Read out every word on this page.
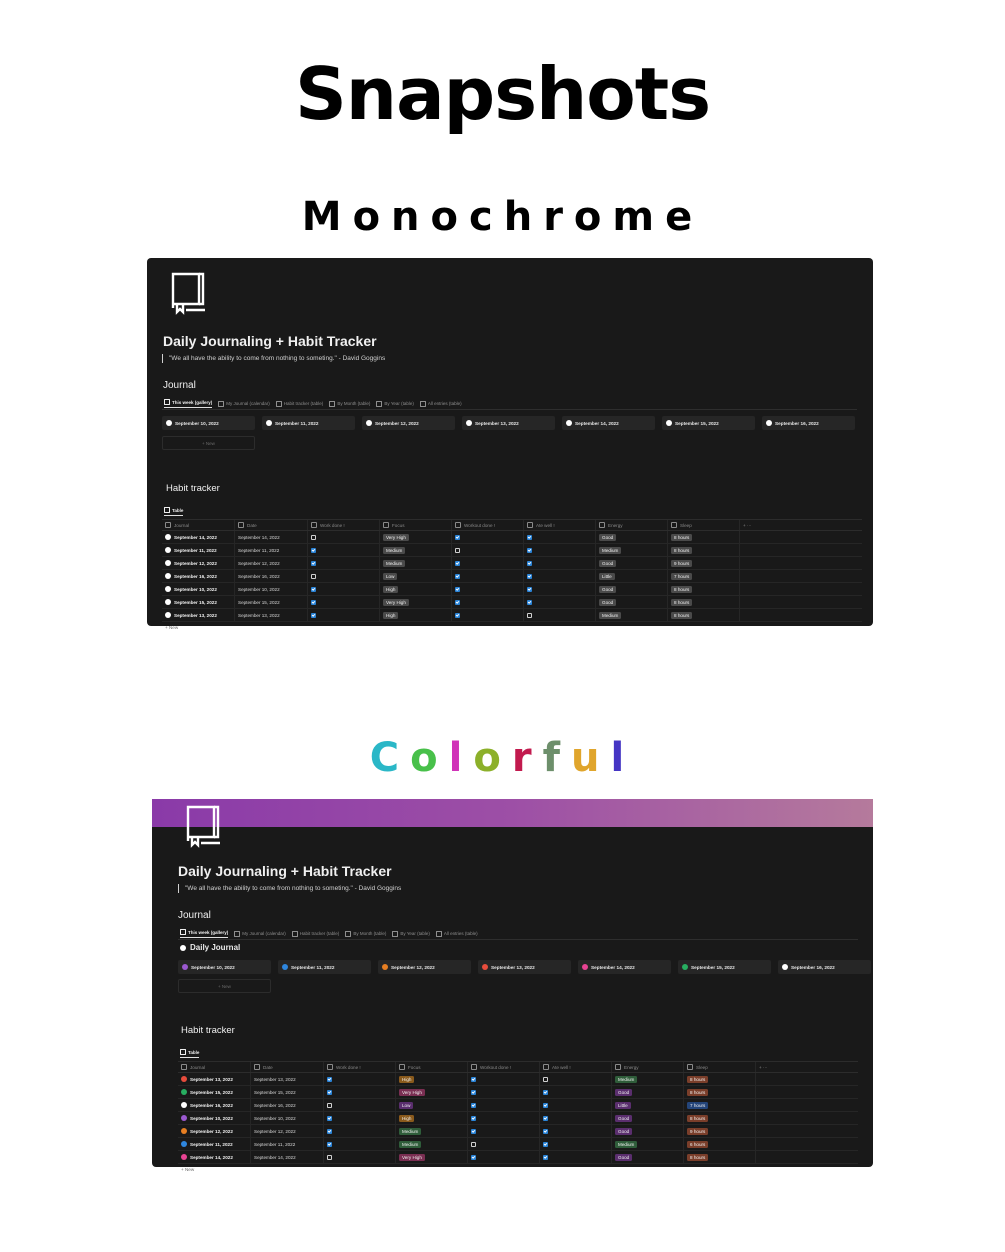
Snapshots
Monochrome
Colorful
Daily Journaling + Habit Tracker
"We all have the ability to come from nothing to someting." - David Goggins
Journal
This week (gallery)	My Journal (calendar)	Habit tracker (table)	By Month (table)	By Year (table)	All entries (table)
September 10, 2022	September 11, 2022	September 12, 2022	September 13, 2022	September 14, 2022	September 15, 2022	September 16, 2022
+ New
Habit tracker
Table
Journal	Date	Work done !	Focus	Workout done !	Ate well !	Energy	Sleep	+ ···
September 14, 2022	September 14, 2022	Very High	Good	8 hours
September 11, 2022	September 11, 2022	Medium	Medium	8 hours
September 12, 2022	September 12, 2022	Medium	Good	9 hours
September 16, 2022	September 16, 2022	Low	Little	7 hours
September 10, 2022	September 10, 2022	High	Good	8 hours
September 15, 2022	September 15, 2022	Very High	Good	8 hours
September 13, 2022	September 13, 2022	High	Medium	8 hours
+ New
Daily Journaling + Habit Tracker
"We all have the ability to come from nothing to someting." - David Goggins
Journal
This week (gallery)	My Journal (calendar)	Habit tracker (table)	By Month (table)	By Year (table)	All entries (table)
Daily Journal
September 10, 2022	September 11, 2022	September 12, 2022	September 13, 2022	September 14, 2022	September 15, 2022	September 16, 2022
+ New
Habit tracker
Table
Journal	Date	Work done !	Focus	Workout done !	Ate well !	Energy	Sleep	+ ···
September 13, 2022	September 13, 2022	High	Medium	8 hours
September 15, 2022	September 15, 2022	Very High	Good	8 hours
September 16, 2022	September 16, 2022	Low	Little	7 hours
September 10, 2022	September 10, 2022	High	Good	8 hours
September 12, 2022	September 12, 2022	Medium	Good	9 hours
September 11, 2022	September 11, 2022	Medium	Medium	6 hours
September 14, 2022	September 14, 2022	Very High	Good	8 hours
+ New
